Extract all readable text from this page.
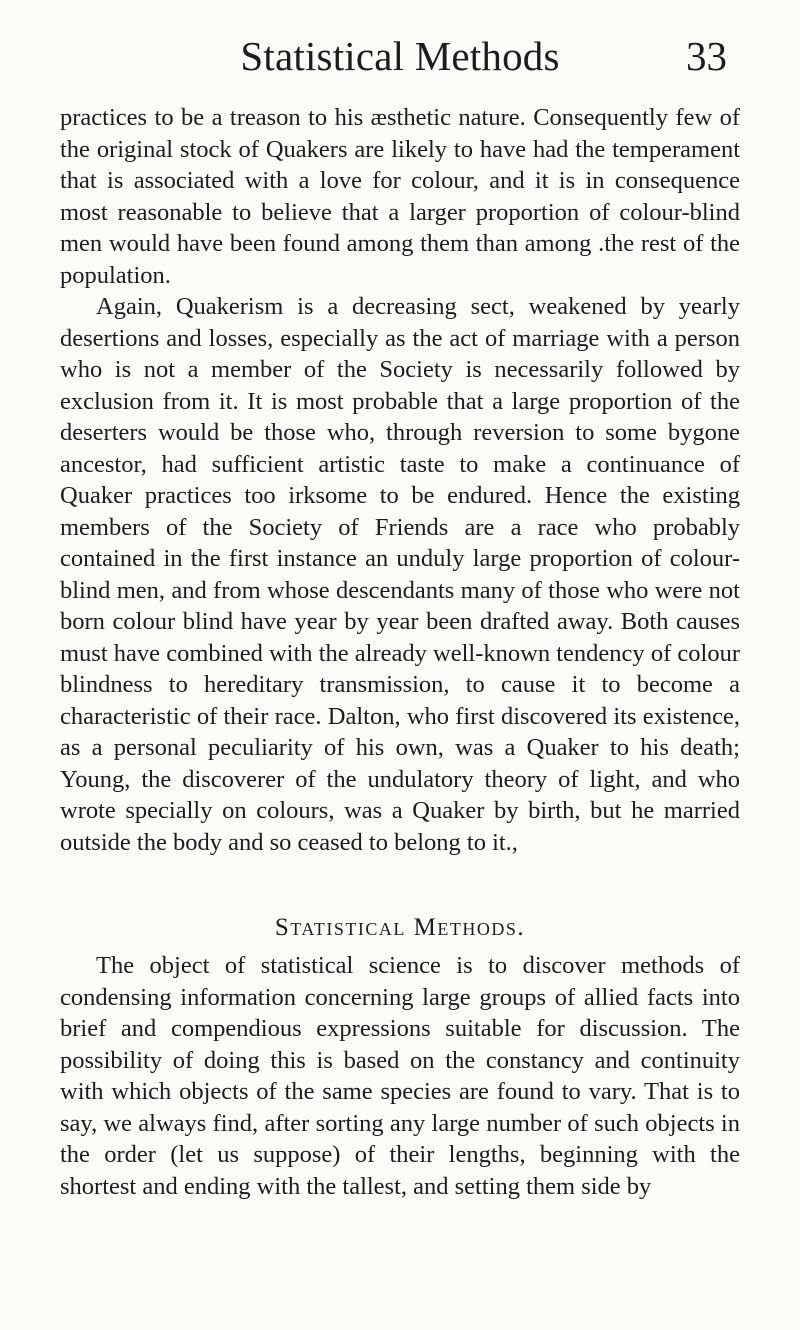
Statistical Methods	33

practices to be a treason to his æsthetic nature. Consequently few of the original stock of Quakers are likely to have had the temperament that is associated with a love for colour, and it is in consequence most reasonable to believe that a larger proportion of colour-blind men would have been found among them than among .the rest of the population.

Again, Quakerism is a decreasing sect, weakened by yearly desertions and losses, especially as the act of marriage with a person who is not a member of the Society is necessarily followed by exclusion from it. It is most probable that a large proportion of the deserters would be those who, through reversion to some bygone ancestor, had sufficient artistic taste to make a continuance of Quaker practices too irksome to be endured. Hence the existing members of the Society of Friends are a race who probably contained in the first instance an unduly large proportion of colour-blind men, and from whose descendants many of those who were not born colour blind have year by year been drafted away. Both causes must have combined with the already well-known tendency of colour blindness to hereditary transmission, to cause it to become a characteristic of their race. Dalton, who first discovered its existence, as a personal peculiarity of his own, was a Quaker to his death; Young, the discoverer of the undulatory theory of light, and who wrote specially on colours, was a Quaker by birth, but he married outside the body and so ceased to belong to it.,

Statistical Methods.

The object of statistical science is to discover methods of condensing information concerning large groups of allied facts into brief and compendious expressions suitable for discussion. The possibility of doing this is based on the constancy and continuity with which objects of the same species are found to vary. That is to say, we always find, after sorting any large number of such objects in the order (let us suppose) of their lengths, beginning with the shortest and ending with the tallest, and setting them side by
